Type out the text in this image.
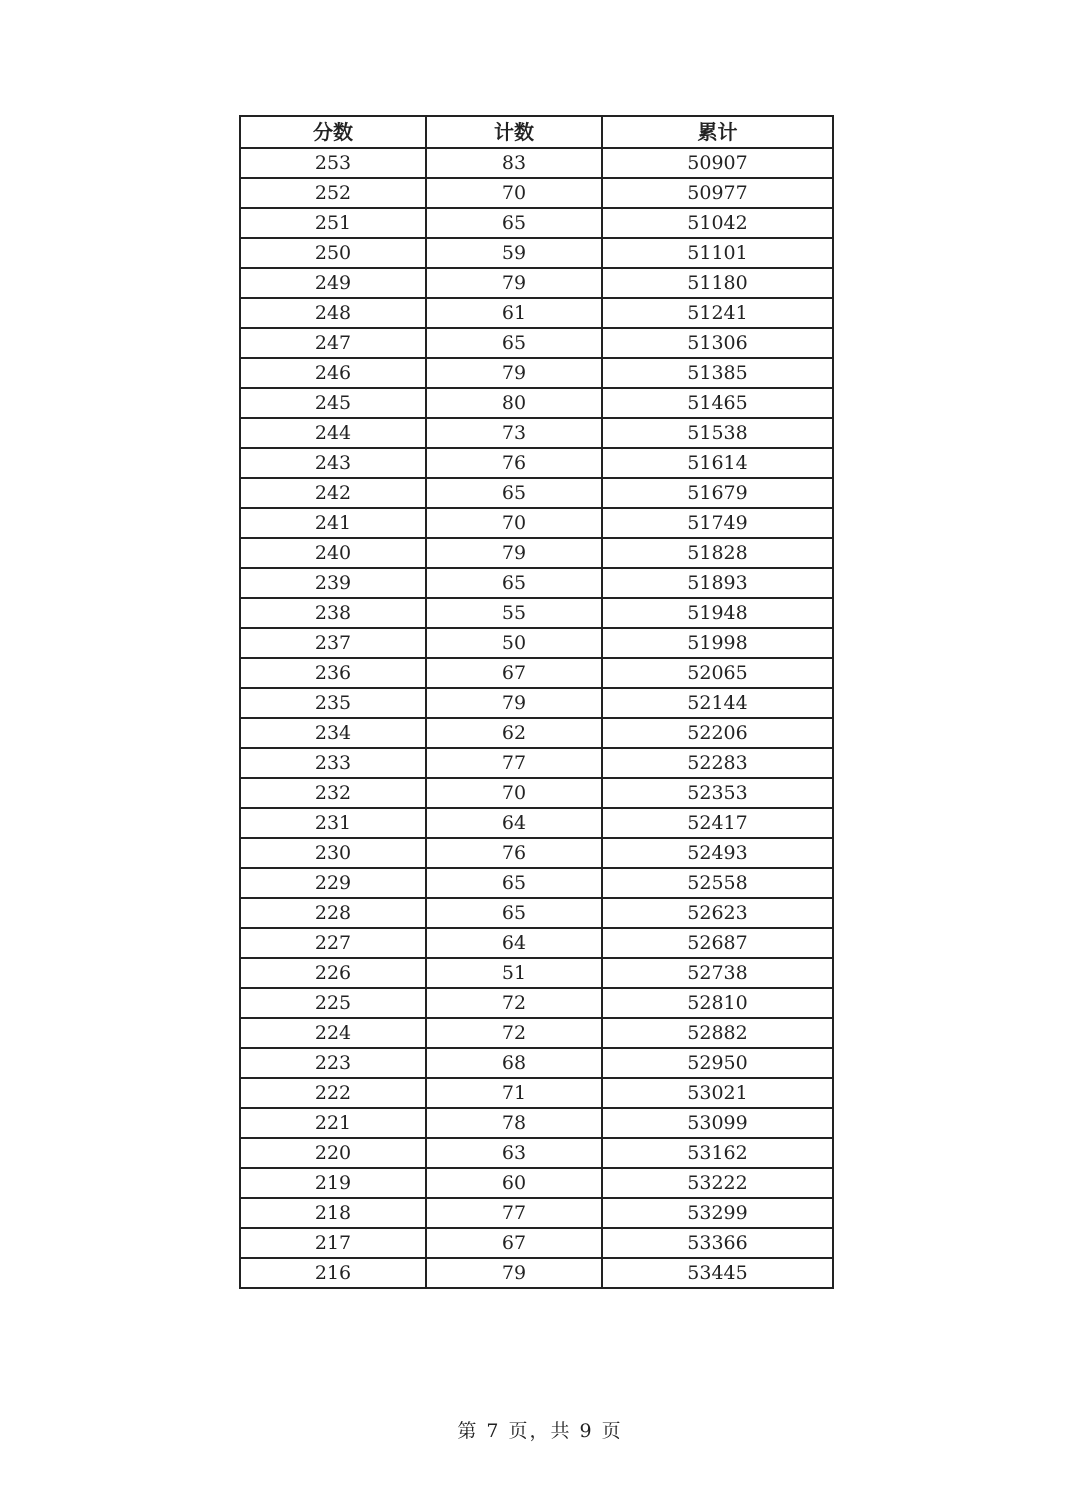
分数	计数	累计
253	83	50907
252	70	50977
251	65	51042
250	59	51101
249	79	51180
248	61	51241
247	65	51306
246	79	51385
245	80	51465
244	73	51538
243	76	51614
242	65	51679
241	70	51749
240	79	51828
239	65	51893
238	55	51948
237	50	51998
236	67	52065
235	79	52144
234	62	52206
233	77	52283
232	70	52353
231	64	52417
230	76	52493
229	65	52558
228	65	52623
227	64	52687
226	51	52738
225	72	52810
224	72	52882
223	68	52950
222	71	53021
221	78	53099
220	63	53162
219	60	53222
218	77	53299
217	67	53366
216	79	53445
第 7 页，共 9 页
